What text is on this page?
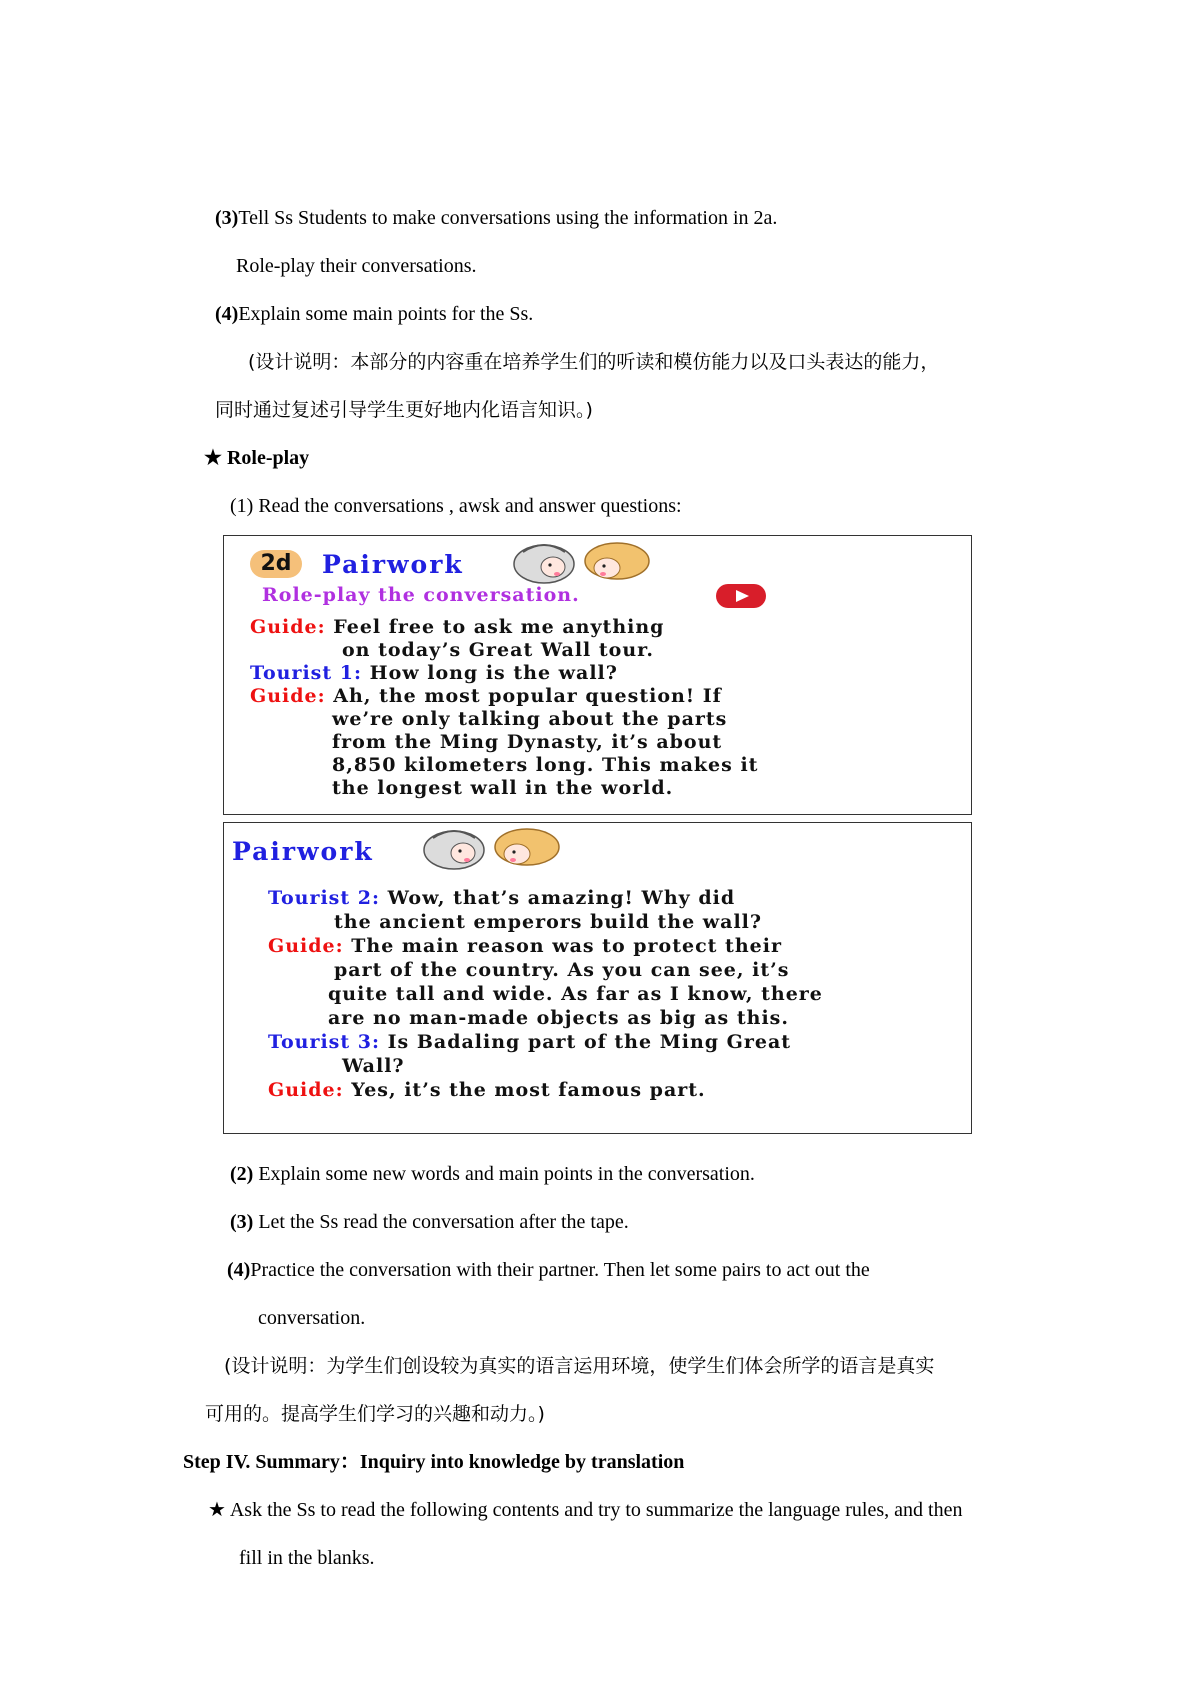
(3)Tell Ss Students to make conversations using the information in 2a.
Role-play their conversations.
(4)Explain some main points for the Ss.
(设计说明：本部分的内容重在培养学生们的听读和模仿能力以及口头表达的能力，
同时通过复述引导学生更好地内化语言知识。)
★ Role-play
(1) Read the conversations , awsk and answer questions:
2d	Pairwork
Role-play the conversation.
Guide: Feel free to ask me anything
on today’s Great Wall tour.
Tourist 1: How long is the wall?
Guide: Ah, the most popular question! If
we’re only talking about the parts
from the Ming Dynasty, it’s about
8,850 kilometers long. This makes it
the longest wall in the world.
Pairwork
Tourist 2: Wow, that’s amazing! Why did
the ancient emperors build the wall?
Guide: The main reason was to protect their
part of the country. As you can see, it’s
quite tall and wide. As far as I know, there
are no man-made objects as big as this.
Tourist 3: Is Badaling part of the Ming Great
Wall?
Guide: Yes, it’s the most famous part.
(2) Explain some new words and main points in the conversation.
(3) Let the Ss read the conversation after the tape.
(4)Practice the conversation with their partner. Then let some pairs to act out the
conversation.
(设计说明：为学生们创设较为真实的语言运用环境，使学生们体会所学的语言是真实
可用的。提高学生们学习的兴趣和动力。)
Step IV. Summary：Inquiry into knowledge by translation
★ Ask the Ss to read the following contents and try to summarize the language rules, and then
fill in the blanks.
